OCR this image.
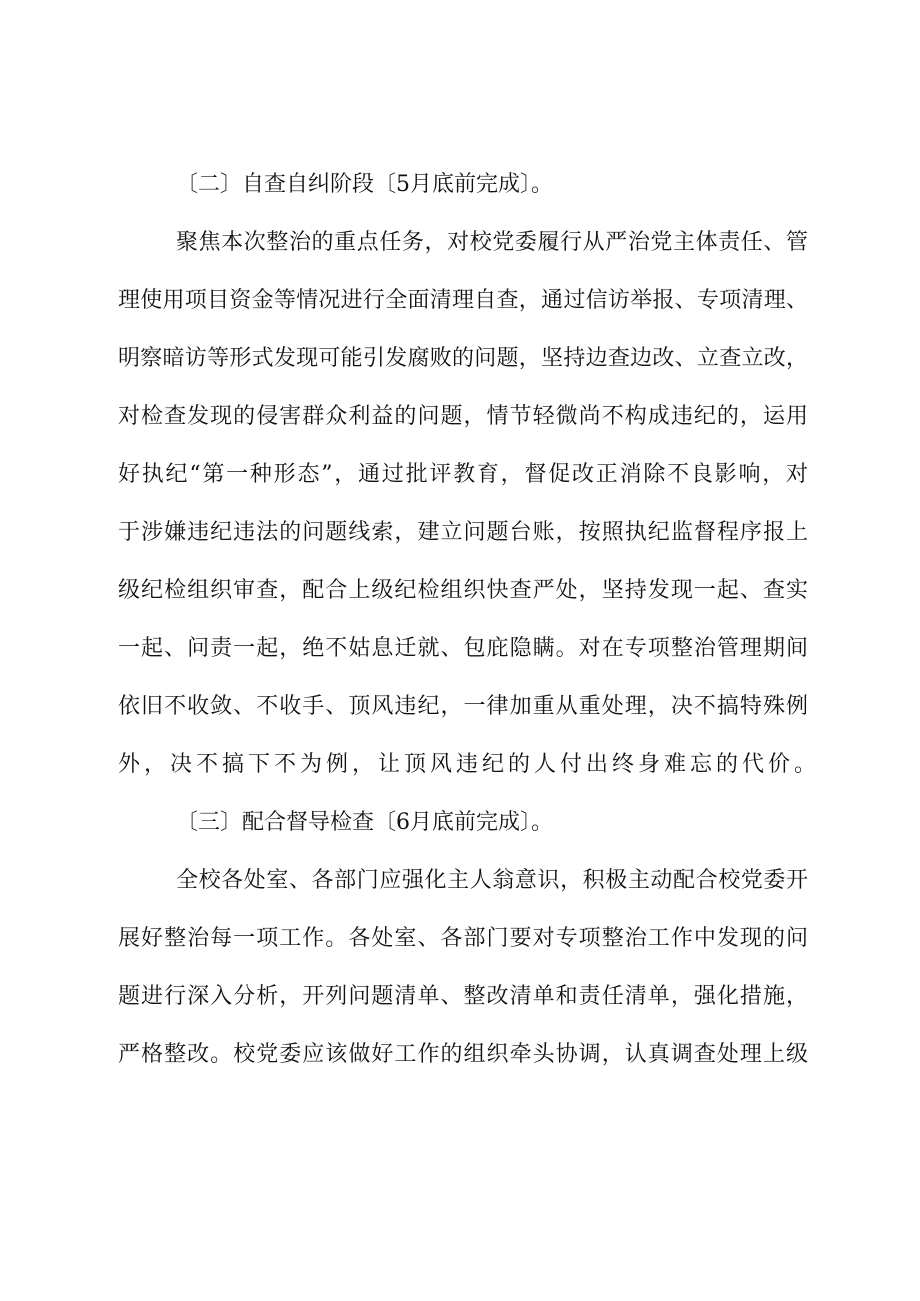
〔二〕自查自纠阶段〔5月底前完成〕。
聚焦本次整治的重点任务，对校党委履行从严治党主体责任、管
理使用项目资金等情况进行全面清理自查，通过信访举报、专项清理、
明察暗访等形式发现可能引发腐败的问题，坚持边查边改、立查立改，
对检查发现的侵害群众利益的问题，情节轻微尚不构成违纪的，运用
好执纪“第一种形态”，通过批评教育，督促改正消除不良影响，对
于涉嫌违纪违法的问题线索，建立问题台账，按照执纪监督程序报上
级纪检组织审查，配合上级纪检组织快查严处，坚持发现一起、查实
一起、问责一起，绝不姑息迁就、包庇隐瞒。对在专项整治管理期间
依旧不收敛、不收手、顶风违纪，一律加重从重处理，决不搞特殊例
外，决不搞下不为例，让顶风违纪的人付出终身难忘的代价。
〔三〕配合督导检查〔6月底前完成〕。
全校各处室、各部门应强化主人翁意识，积极主动配合校党委开
展好整治每一项工作。各处室、各部门要对专项整治工作中发现的问
题进行深入分析，开列问题清单、整改清单和责任清单，强化措施，
严格整改。校党委应该做好工作的组织牵头协调，认真调查处理上级
